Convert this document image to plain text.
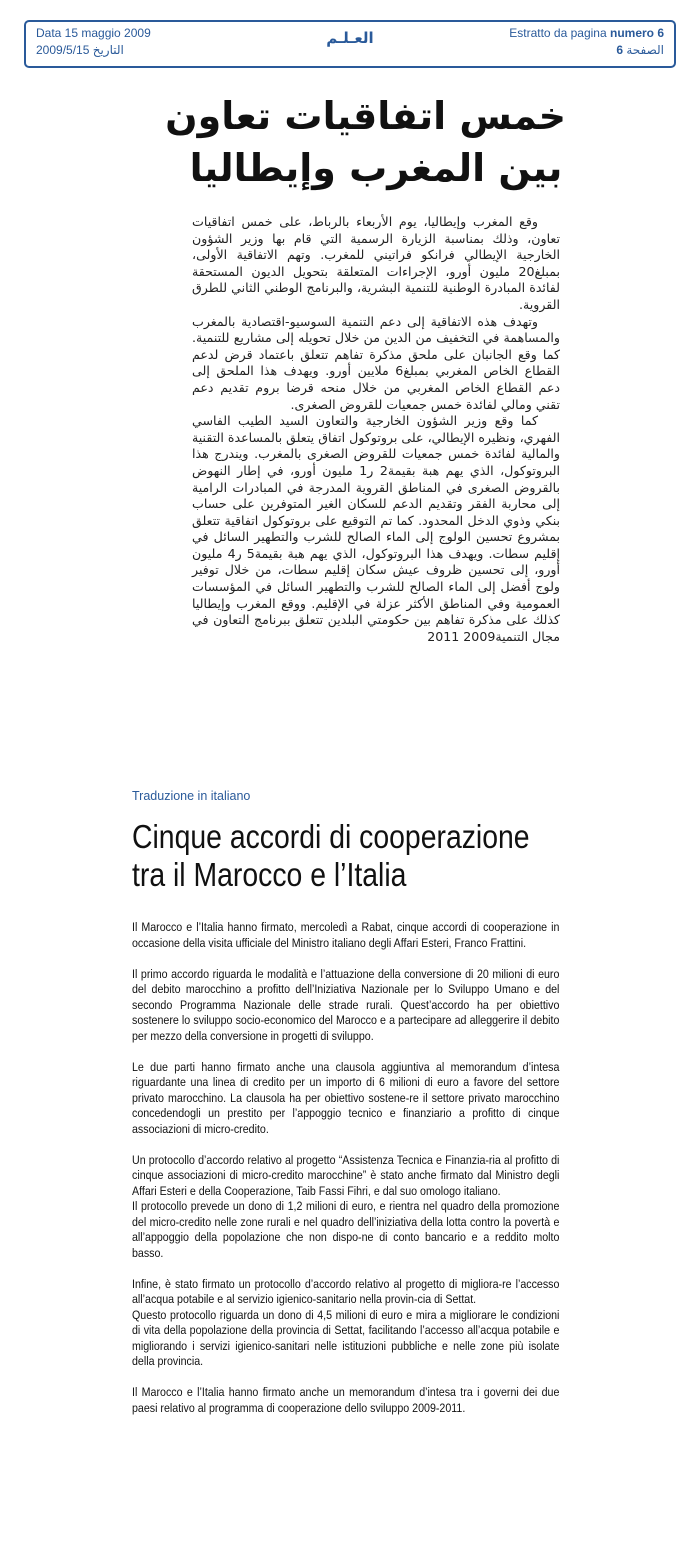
Data 15 maggio 2009
التاريخ 2009/5/15
العـلـم	Estratto da pagina numero 6
الصفحة 6
خمس اتفاقيات تعاون
بين المغرب وإيطاليا

وقع المغرب وإيطاليا، يوم الأربعاء بالرباط، على خمس اتفاقيات تعاون، وذلك بمناسبة الزيارة الرسمية التي قام بها وزير الشؤون الخارجية الإيطالي فرانكو فراتيني للمغرب. وتهم الاتفاقية الأولى، بمبلغ20 مليون أورو، الإجراءات المتعلقة بتحويل الديون المستحقة لفائدة المبادرة الوطنية للتنمية البشرية، والبرنامج الوطني الثاني للطرق القروية.

وتهدف هذه الاتفاقية إلى دعم التنمية السوسيو-اقتصادية بالمغرب والمساهمة في التخفيف من الدين من خلال تحويله إلى مشاريع للتنمية. كما وقع الجانبان على ملحق مذكرة تفاهم تتعلق باعتماد قرض لدعم القطاع الخاص المغربي بمبلغ6 ملايين أورو. ويهدف هذا الملحق إلى دعم القطاع الخاص المغربي من خلال منحه قرضا بروم تقديم دعم تقني ومالي لفائدة خمس جمعيات للقروض الصغرى.

كما وقع وزير الشؤون الخارجية والتعاون السيد الطيب الفاسي الفهري، ونظيره الإيطالي، على بروتوكول اتفاق يتعلق بالمساعدة التقنية والمالية لفائدة خمس جمعيات للقروض الصغرى بالمغرب. ويندرج هذا البروتوكول، الذي يهم هبة بقيمة2 ر1 مليون أورو، في إطار النهوض بالقروض الصغرى في المناطق القروية المدرجة في المبادرات الرامية إلى محاربة الفقر وتقديم الدعم للسكان الغير المتوفرين على حساب بنكي وذوي الدخل المحدود. كما تم التوقيع على بروتوكول اتفاقية تتعلق بمشروع تحسين الولوج إلى الماء الصالح للشرب والتطهير السائل في إقليم سطات. ويهدف هذا البروتوكول، الذي يهم هبة بقيمة5 ر4 مليون أورو، إلى تحسين ظروف عيش سكان إقليم سطات، من خلال توفير ولوج أفضل إلى الماء الصالح للشرب والتطهير السائل في المؤسسات العمومية وفي المناطق الأكثر عزلة في الإقليم. ووقع المغرب وإيطاليا كذلك على مذكرة تفاهم بين حكومتي البلدين تتعلق ببرنامج التعاون في مجال التنمية2009 2011

Traduzione in italiano
Cinque accordi di cooperazione
tra il Marocco e l’Italia

Il Marocco e l’Italia hanno firmato, mercoledì a Rabat, cinque accordi di cooperazione in occasione della visita ufficiale del Ministro italiano degli Affari Esteri, Franco Frattini.

Il primo accordo riguarda le modalità e l’attuazione della conversione di 20 milioni di euro del debito marocchino a profitto dell’Iniziativa Nazionale per lo Sviluppo Umano e del secondo Programma Nazionale delle strade rurali. Quest’accordo ha per obiettivo sostenere lo sviluppo socio-economico del Marocco e a partecipare ad alleggerire il debito per mezzo della conversione in progetti di sviluppo.

Le due parti hanno firmato anche una clausola aggiuntiva al memorandum d’intesa riguardante una linea di credito per un importo di 6 milioni di euro a favore del settore privato marocchino. La clausola ha per obiettivo sostene-re il settore privato marocchino concedendogli un prestito per l’appoggio tecnico e finanziario a profitto di cinque associazioni di micro-credito.

Un protocollo d’accordo relativo al progetto “Assistenza Tecnica e Finanzia-ria al profitto di cinque associazioni di micro-credito marocchine” è stato anche firmato dal Ministro degli Affari Esteri e della Cooperazione, Taib Fassi Fihri, e dal suo omologo italiano.

Il protocollo prevede un dono di 1,2 milioni di euro, e rientra nel quadro della promozione del micro-credito nelle zone rurali e nel quadro dell’iniziativa della lotta contro la povertà e all’appoggio della popolazione che non dispo-ne di conto bancario e a reddito molto basso.

Infine, è stato firmato un protocollo d’accordo relativo al progetto di migliora-re l’accesso all’acqua potabile e al servizio igienico-sanitario nella provin-cia di Settat.

Questo protocollo riguarda un dono di 4,5 milioni di euro e mira a migliorare le condizioni di vita della popolazione della provincia di Settat, facilitando l’accesso all’acqua potabile e migliorando i servizi igienico-sanitari nelle istituzioni pubbliche e nelle zone più isolate della provincia.

Il Marocco e l’Italia hanno firmato anche un memorandum d’intesa tra i governi dei due paesi relativo al programma di cooperazione dello sviluppo 2009-2011.
